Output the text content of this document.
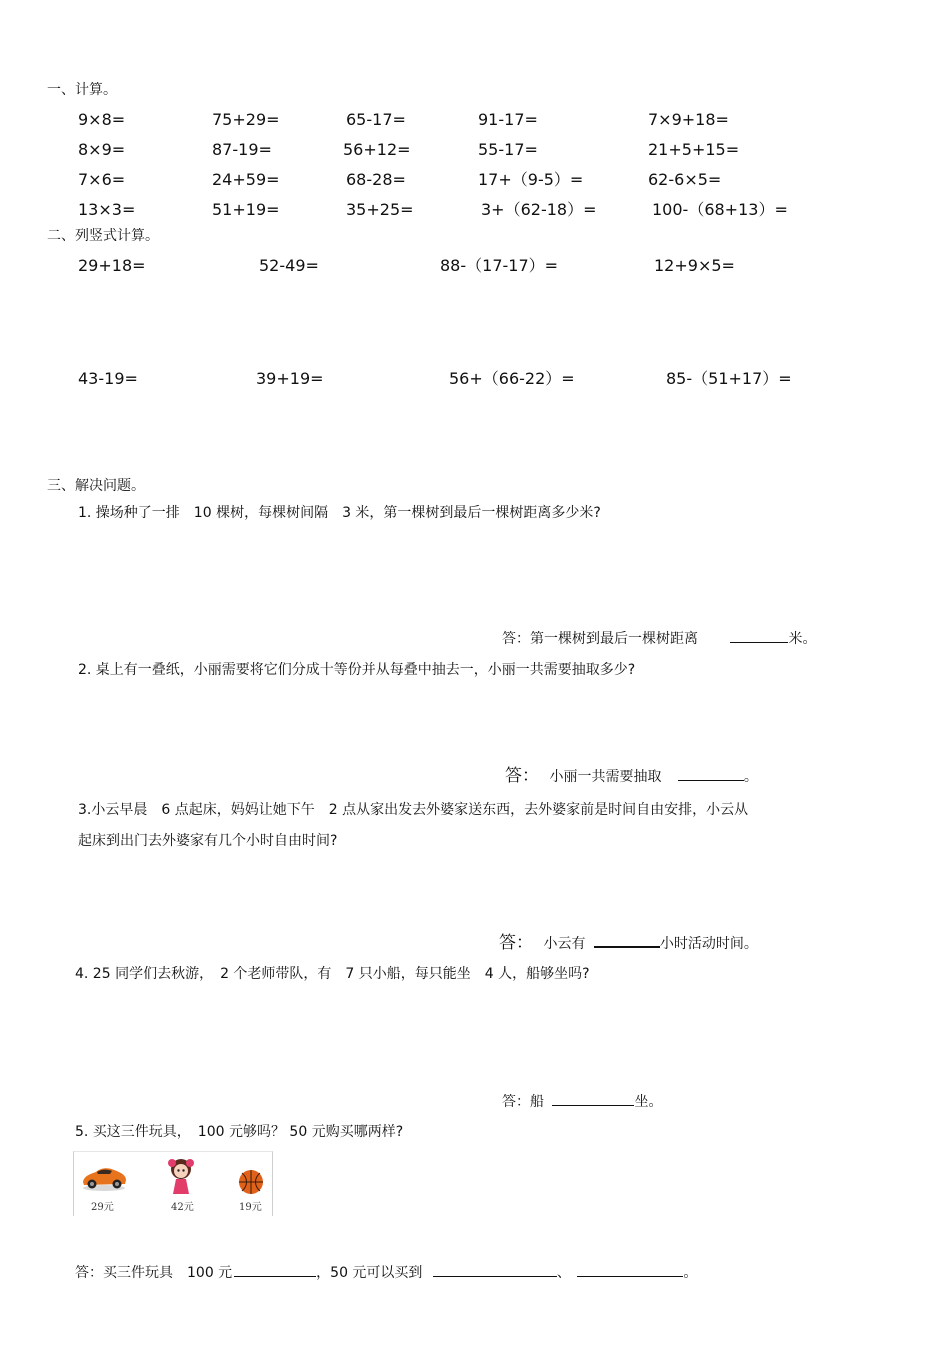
一、计算。
9×8=	75+29=	65-17=	91-17=	7×9+18=
8×9=	87-19=	56+12=	55-17=	21+5+15=
7×6=	24+59=	68-28=	17+（9-5）=	62-6×5=
13×3=	51+19=	35+25=	3+（62-18）=	100-（68+13）=
二、列竖式计算。
29+18=	52-49=	88-（17-17）=	12+9×5=
43-19=	39+19=	56+（66-22）=	85-（51+17）=
三、解决问题。
1. 操场种了一排　10 棵树，每棵树间隔　3 米，第一棵树到最后一棵树距离多少米?
答：第一棵树到最后一棵树距离	米。
2. 桌上有一叠纸，小丽需要将它们分成十等份并从每叠中抽去一，小丽一共需要抽取多少?
答： 小丽一共需要抽取	。
3.小云早晨　6 点起床，妈妈让她下午　2 点从家出发去外婆家送东西，去外婆家前是时间自由安排，小云从
起床到出门去外婆家有几个小时自由时间?
答： 小云有	小时活动时间。
4. 25 同学们去秋游，　2 个老师带队，有　7 只小船，每只能坐　4 人，船够坐吗?
答：船	坐。
5. 买这三件玩具，　100 元够吗？ 50 元购买哪两样?
29元	42元	19元
答：买三件玩具　100 元	，50 元可以买到	、	。
